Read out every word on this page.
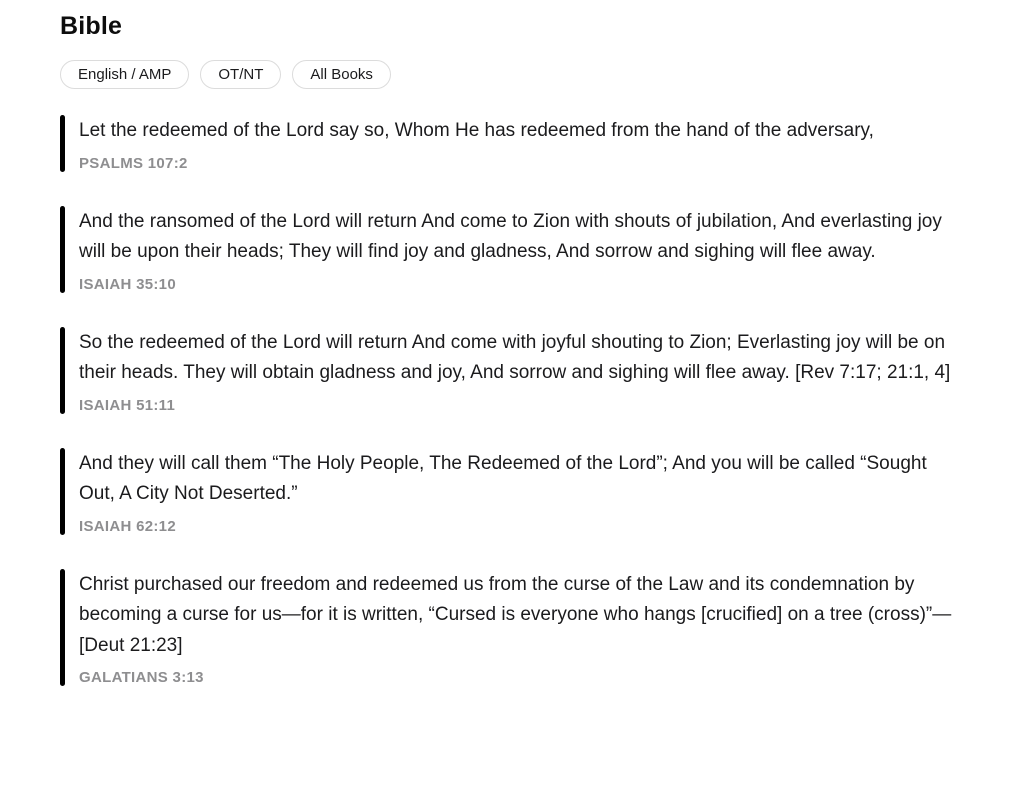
Bible
English / AMP	OT/NT	All Books
Let the redeemed of the Lord say so, Whom He has redeemed from the hand of the adversary,
PSALMS 107:2
And the ransomed of the Lord will return And come to Zion with shouts of jubilation, And everlasting joy will be upon their heads; They will find joy and gladness, And sorrow and sighing will flee away.
ISAIAH 35:10
So the redeemed of the Lord will return And come with joyful shouting to Zion; Everlasting joy will be on their heads. They will obtain gladness and joy, And sorrow and sighing will flee away. [Rev 7:17; 21:1, 4]
ISAIAH 51:11
And they will call them “The Holy People, The Redeemed of the Lord”; And you will be called “Sought Out, A City Not Deserted.”
ISAIAH 62:12
Christ purchased our freedom and redeemed us from the curse of the Law and its condemnation by becoming a curse for us—for it is written, “Cursed is everyone who hangs [crucified] on a tree (cross)”— [Deut 21:23]
GALATIANS 3:13
